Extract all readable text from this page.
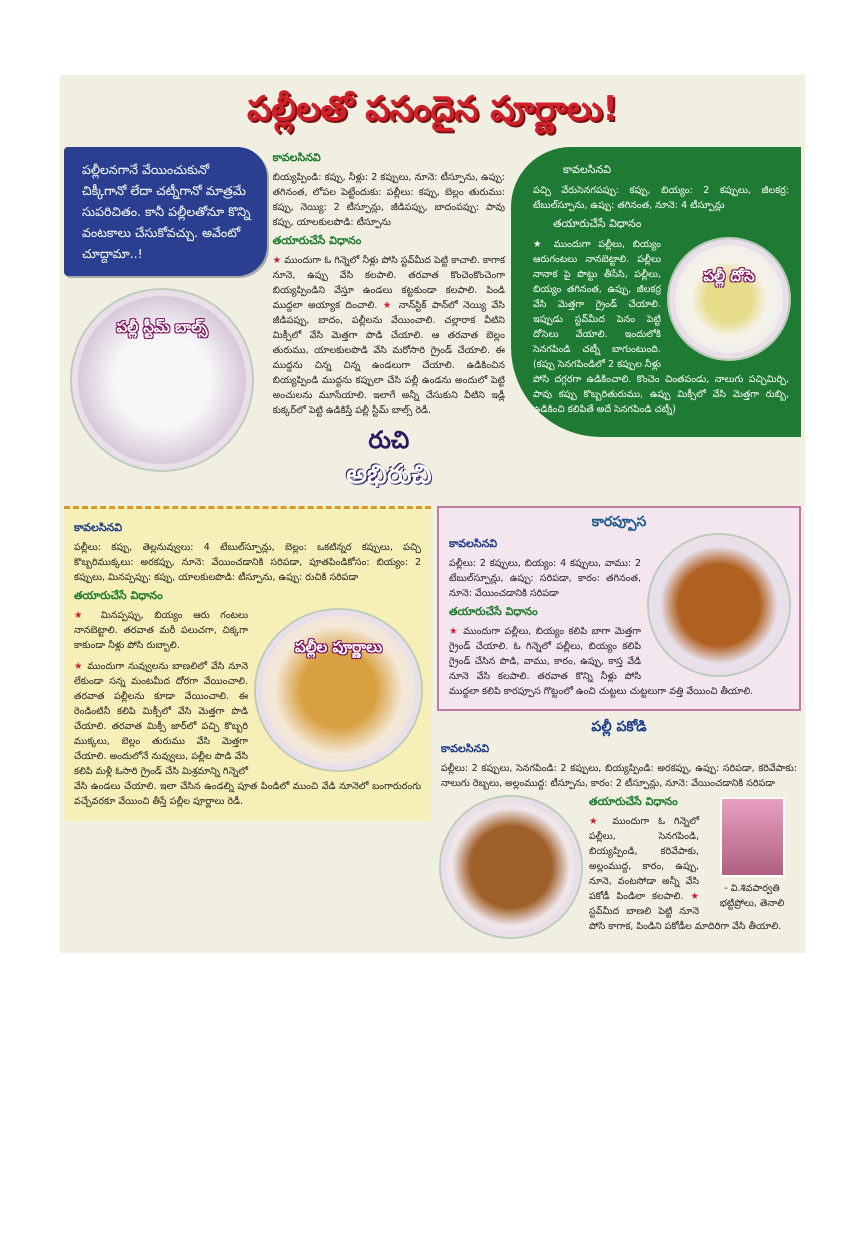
పల్లీలతో పసందైన పూర్ణాలు!
పల్లీలనగానే వేయించుకునో చిక్కీగానో లేదా చట్నీగానో మాత్రమే సుపరిచితం. కానీ పల్లీలతోనూ కొన్ని వంటకాలు చేసుకోవచ్చు. అవేంటో చూద్దామా..!
పల్లీ స్టీమ్ బాల్స్
కావలసినవి
బియ్యప్పిండి: కప్పు, నీళ్లు: 2 కప్పులు, నూనె: టీస్పూను, ఉప్పు: తగినంత, లోపల పెట్టేందుకు: పల్లీలు: కప్పు, బెల్లం తురుము: కప్పు, నెయ్యి: 2 టీస్పూన్లు, జీడిపప్పు, బాదంపప్పు: పావు కప్పు, యాలకులపొడి: టీస్పూను
తయారుచేసే విధానం
★ ముందుగా ఓ గిన్నెలో నీళ్లు పోసి స్టవ్‌మీద పెట్టి కాచాలి. కాగాక నూనె, ఉప్పు వేసి కలపాలి. తరవాత కొంచెంకొంచెంగా బియ్యప్పిండిని వేస్తూ ఉండలు కట్టకుండా కలపాలి. పిండి ముద్దలా అయ్యాక దించాలి. ★ నాన్‌స్టిక్ పాన్‌లో నెయ్యి వేసి జీడిపప్పు, బాదం, పల్లీలను వేయించాలి. చల్లారాక వీటిని మిక్సీలో వేసి మెత్తగా పొడి చేయాలి. ఆ తరవాత బెల్లం తురుము, యాలకులపొడి వేసి మరోసారి గ్రైండ్ చేయాలి. ఈ ముద్దను చిన్న చిన్న ఉండలుగా చేయాలి. ఉడికించిన బియ్యప్పిండి ముద్దను కప్పులా చేసి పల్లీ ఉండను అందులో పెట్టి అంచులను మూసేయాలి. ఇలాగే అన్నీ చేసుకుని వీటిని ఇడ్లీ కుక్కర్‌లో పెట్టి ఉడికిస్తే పల్లీ స్టీమ్ బాల్స్ రెడీ.
రుచి
అభిరుచి
కావలసినవి
పచ్చి వేరుసెనగపప్పు: కప్పు, బియ్యం: 2 కప్పులు, జీలకర్ర: టేబుల్‌స్పూను, ఉప్పు: తగినంత, నూనె: 4 టీస్పూన్లు
తయారుచేసే విధానం
పల్లీ దోసె
★ ముందుగా పల్లీలు, బియ్యం ఆరుగంటలు నానబెట్టాలి. పల్లీలు నానాక పై పొట్టు తీసేసి, పల్లీలు, బియ్యం తగినంత, ఉప్పు, జీలకర్ర వేసి మెత్తగా గ్రైండ్ చేయాలి. ఇప్పుడు స్టవ్‌మీద పెనం పెట్టి దోసెలు వేయాలి. ఇందులోకి సెనగపిండి చట్నీ బాగుంటుంది. (కప్పు సెనగపిండిలో 2 కప్పుల నీళ్లు పోసి దగ్గరగా ఉడికించాలి. కొంచెం చింతపండు, నాలుగు పచ్చిమిర్చి, పావు కప్పు కొబ్బరితురుము, ఉప్పు మిక్సీలో వేసి మెత్తగా రుబ్బి, ఉడికించి కలిపితే అదే సెనగపిండి చట్నీ)
కావలసినవి
పల్లీలు: కప్పు, తెల్లనువ్వులు: 4 టేబుల్‌స్పూన్లు, బెల్లం: ఒకటిన్నర కప్పులు, పచ్చి కొబ్బరిముక్కలు: అరకప్పు, నూనె: వేయించడానికి సరిపడా, పూతపిండికోసం: బియ్యం: 2 కప్పులు, మినప్పప్పు: కప్పు, యాలకులపొడి: టీస్పూను, ఉప్పు: రుచికి సరిపడా
తయారుచేసే విధానం
పల్లీల పూర్ణాలు
★ మినప్పప్పు, బియ్యం ఆరు గంటలు నానబెట్టాలి. తరవాత మరీ పలుచగా, చిక్కగా కాకుండా నీళ్లు పోసి రుబ్బాలి.
★ ముందుగా నువ్వులను బాణలిలో వేసి నూనె లేకుండా సన్న మంటమీద దోరగా వేయించాలి. తరవాత పల్లీలను కూడా వేయించాలి. ఈ రెండింటినీ కలిపి మిక్సీలో వేసి మెత్తగా పొడి చేయాలి. తరవాత మిక్సీ జార్‌లో పచ్చి కొబ్బరి ముక్కలు, బెల్లం తురుము వేసి మెత్తగా చేయాలి. అందులోనే నువ్వులు, పల్లీల పొడి వేసి కలిపి మళ్లీ ఓసారి గ్రైండ్ చేసి మిశ్రమాన్ని గిన్నెలో వేసి ఉండలు చేయాలి. ఇలా చేసిన ఉండల్ని పూత పిండిలో ముంచి వేడి నూనెలో బంగారురంగు వచ్చేవరకూ వేయించి తీస్తే పల్లీల పూర్ణాలు రెడీ.
కారప్పూస
కావలసినవి
పల్లీలు: 2 కప్పులు, బియ్యం: 4 కప్పులు, వాము: 2 టేబుల్‌స్పూన్లు, ఉప్పు: సరిపడా, కారం: తగినంత, నూనె: వేయించడానికి సరిపడా
తయారుచేసే విధానం
★ ముందుగా పల్లీలు, బియ్యం కలిపి బాగా మెత్తగా గ్రైండ్ చేయాలి. ఓ గిన్నెలో పల్లీలు, బియ్యం కలిపి గ్రైండ్ చేసిన పొడి, వాము, కారం, ఉప్పు, కాస్త వేడి నూనె వేసి కలపాలి. తరవాత కొన్ని నీళ్లు పోసి ముద్దలా కలిపి కారప్పూస గొట్టంలో ఉంచి చుట్టలు చుట్టలుగా వత్తి వేయించి తీయాలి.
పల్లీ పకోడి
కావలసినవి
పల్లీలు: 2 కప్పులు, సెనగపిండి: 2 కప్పులు, బియ్యప్పిండి: అరకప్పు, ఉప్పు: సరిపడా, కరివేపాకు: నాలుగు రెబ్బలు, అల్లంముద్ద: టీస్పూను, కారం: 2 టీస్పూన్లు, నూనె: వేయించడానికి సరిపడా
- వి.శివపార్వతి
భట్టిప్రోలు, తెనాలి
తయారుచేసే విధానం
★ ముందుగా ఓ గిన్నెలో పల్లీలు, సెనగపిండి, బియ్యప్పిండి, కరివేపాకు, అల్లంముద్ద, కారం, ఉప్పు, నూనె, వంటసోడా అన్నీ వేసి పకోడీ పిండిలా కలపాలి. ★ స్టవ్‌మీద బాణలి పెట్టి నూనె పోసి కాగాక, పిండిని పకోడీల మాదిరిగా వేసి తీయాలి.
